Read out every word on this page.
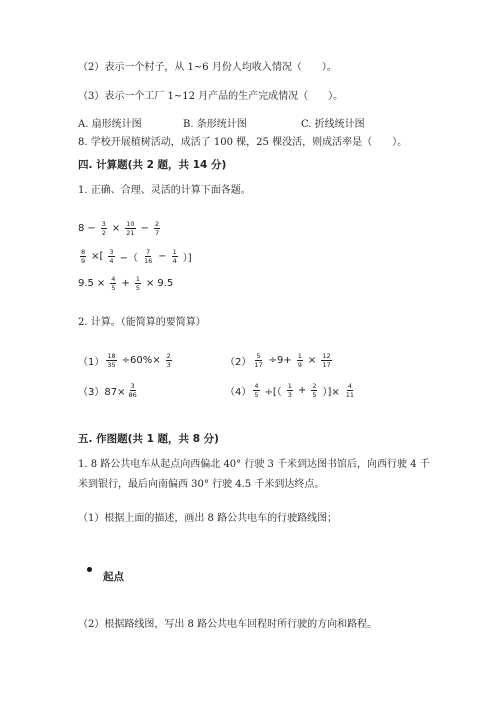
（2）表示一个村子，从 1~6 月份人均收入情况（　　）。
（3）表示一个工厂 1~12 月产品的生产完成情况（　　）。
A. 扇形统计图	B. 条形统计图	C. 折线统计图
8. 学校开展植树活动，成活了 100 棵，25 棵没活，则成活率是（　　）。
四. 计算题(共 2 题，共 14 分)
1. 正确、合理、灵活的计算下面各题。
$8 - \frac{3}{2} \times \frac{10}{21} - \frac{2}{7}$
$\frac{8}{9}$ ×[ $\frac{3}{4}$ −（ $\frac{7}{16} - \frac{1}{4}$ ）]
$9.5 \times \frac{4}{5} + \frac{1}{5} \times 9.5$
2. 计算。（能简算的要简算）
$(1) \frac{18}{35} \div 60\%\times \frac{2}{3}$	$(2) \frac{5}{17} \div 9+ \frac{1}{9} \times \frac{12}{17}$
$(3)87\times \frac{3}{86}$	$(4) \frac{4}{5}$ ÷[（ $\frac{1}{3} + \frac{2}{5}$ ）]× $\frac{4}{11}$
五. 作图题(共 1 题，共 8 分)
1. 8 路公共电车从起点向西偏北 40° 行驶 3 千米到达图书馆后，向西行驶 4 千
米到银行，最后向南偏西 30° 行驶 4.5 千米到达终点。
（1）根据上面的描述，画出 8 路公共电车的行驶路线图；
起点
（2）根据路线图，写出 8 路公共电车回程时所行驶的方向和路程。
